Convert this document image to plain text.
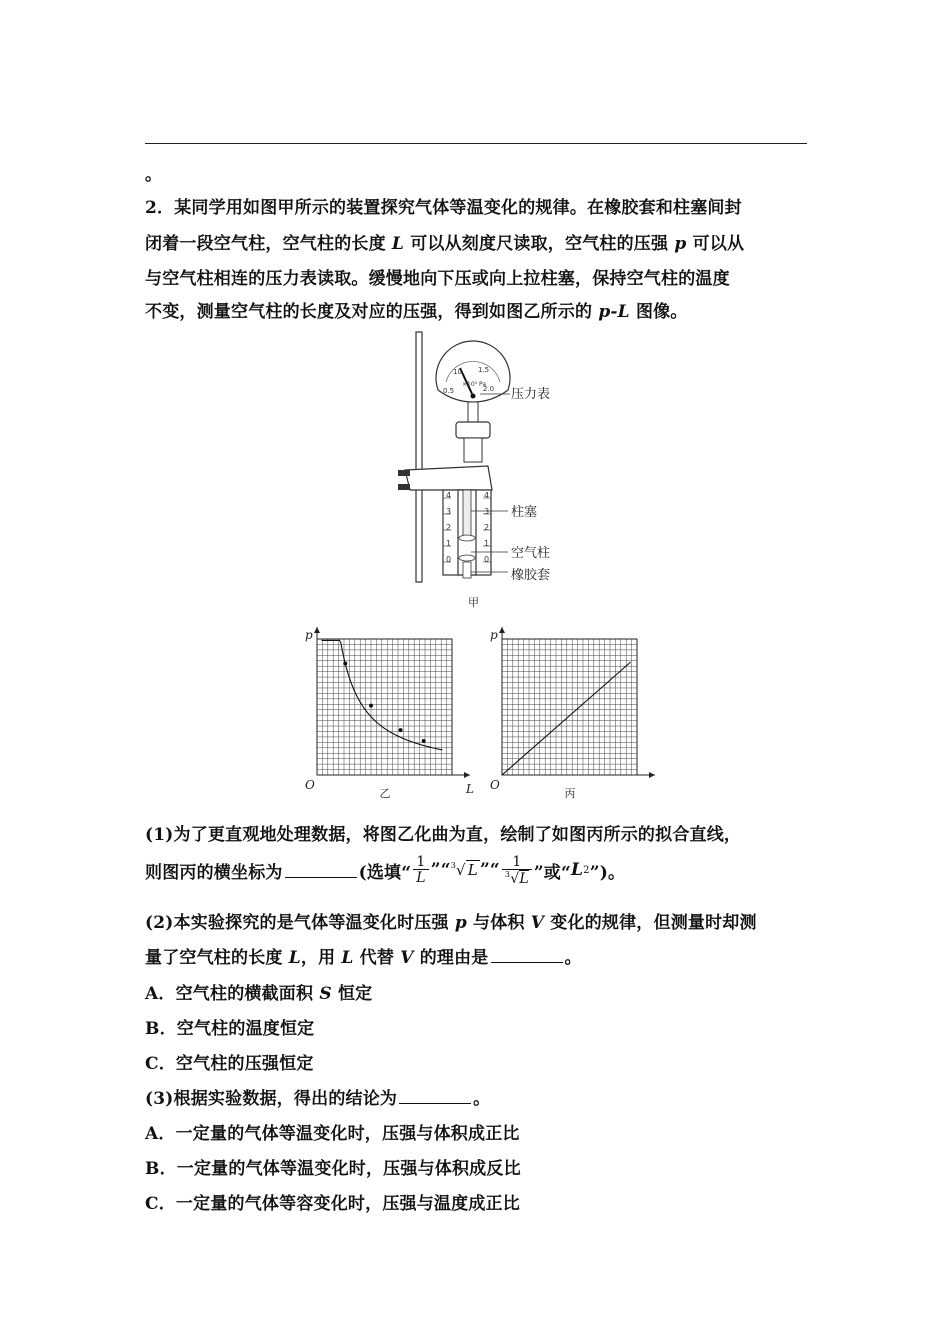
。
2．某同学用如图甲所示的装置探究气体等温变化的规律。在橡胶套和柱塞间封
闭着一段空气柱，空气柱的长度 L 可以从刻度尺读取，空气柱的压强 p 可以从
与空气柱相连的压力表读取。缓慢地向下压或向上拉柱塞，保持空气柱的温度
不变，测量空气柱的长度及对应的压强，得到如图乙所示的 p-L 图像。
0.5
10 1.5
2.0
×10⁵ Pa
压力表
4
3
2
1
0
4
3
2
1
0
柱塞
空气柱
橡胶套
甲
O
p
L
乙
O
p
丙
(1)为了更直观地处理数据，将图乙化曲为直，绘制了如图丙所示的拟合直线，
则图丙的横坐标为	(选填“ $\frac{1}{L}$ ”“ $^3$√ L ”“ $\frac{1}{^3√L}$ ”或“ L 2 ”)。
(2)本实验探究的是气体等温变化时压强 p 与体积 V 变化的规律，但测量时却测
量了空气柱的长度 L，用 L 代替 V 的理由是	。
A．空气柱的横截面积 S 恒定
B．空气柱的温度恒定
C．空气柱的压强恒定
(3)根据实验数据，得出的结论为	。
A．一定量的气体等温变化时，压强与体积成正比
B．一定量的气体等温变化时，压强与体积成反比
C．一定量的气体等容变化时，压强与温度成正比
